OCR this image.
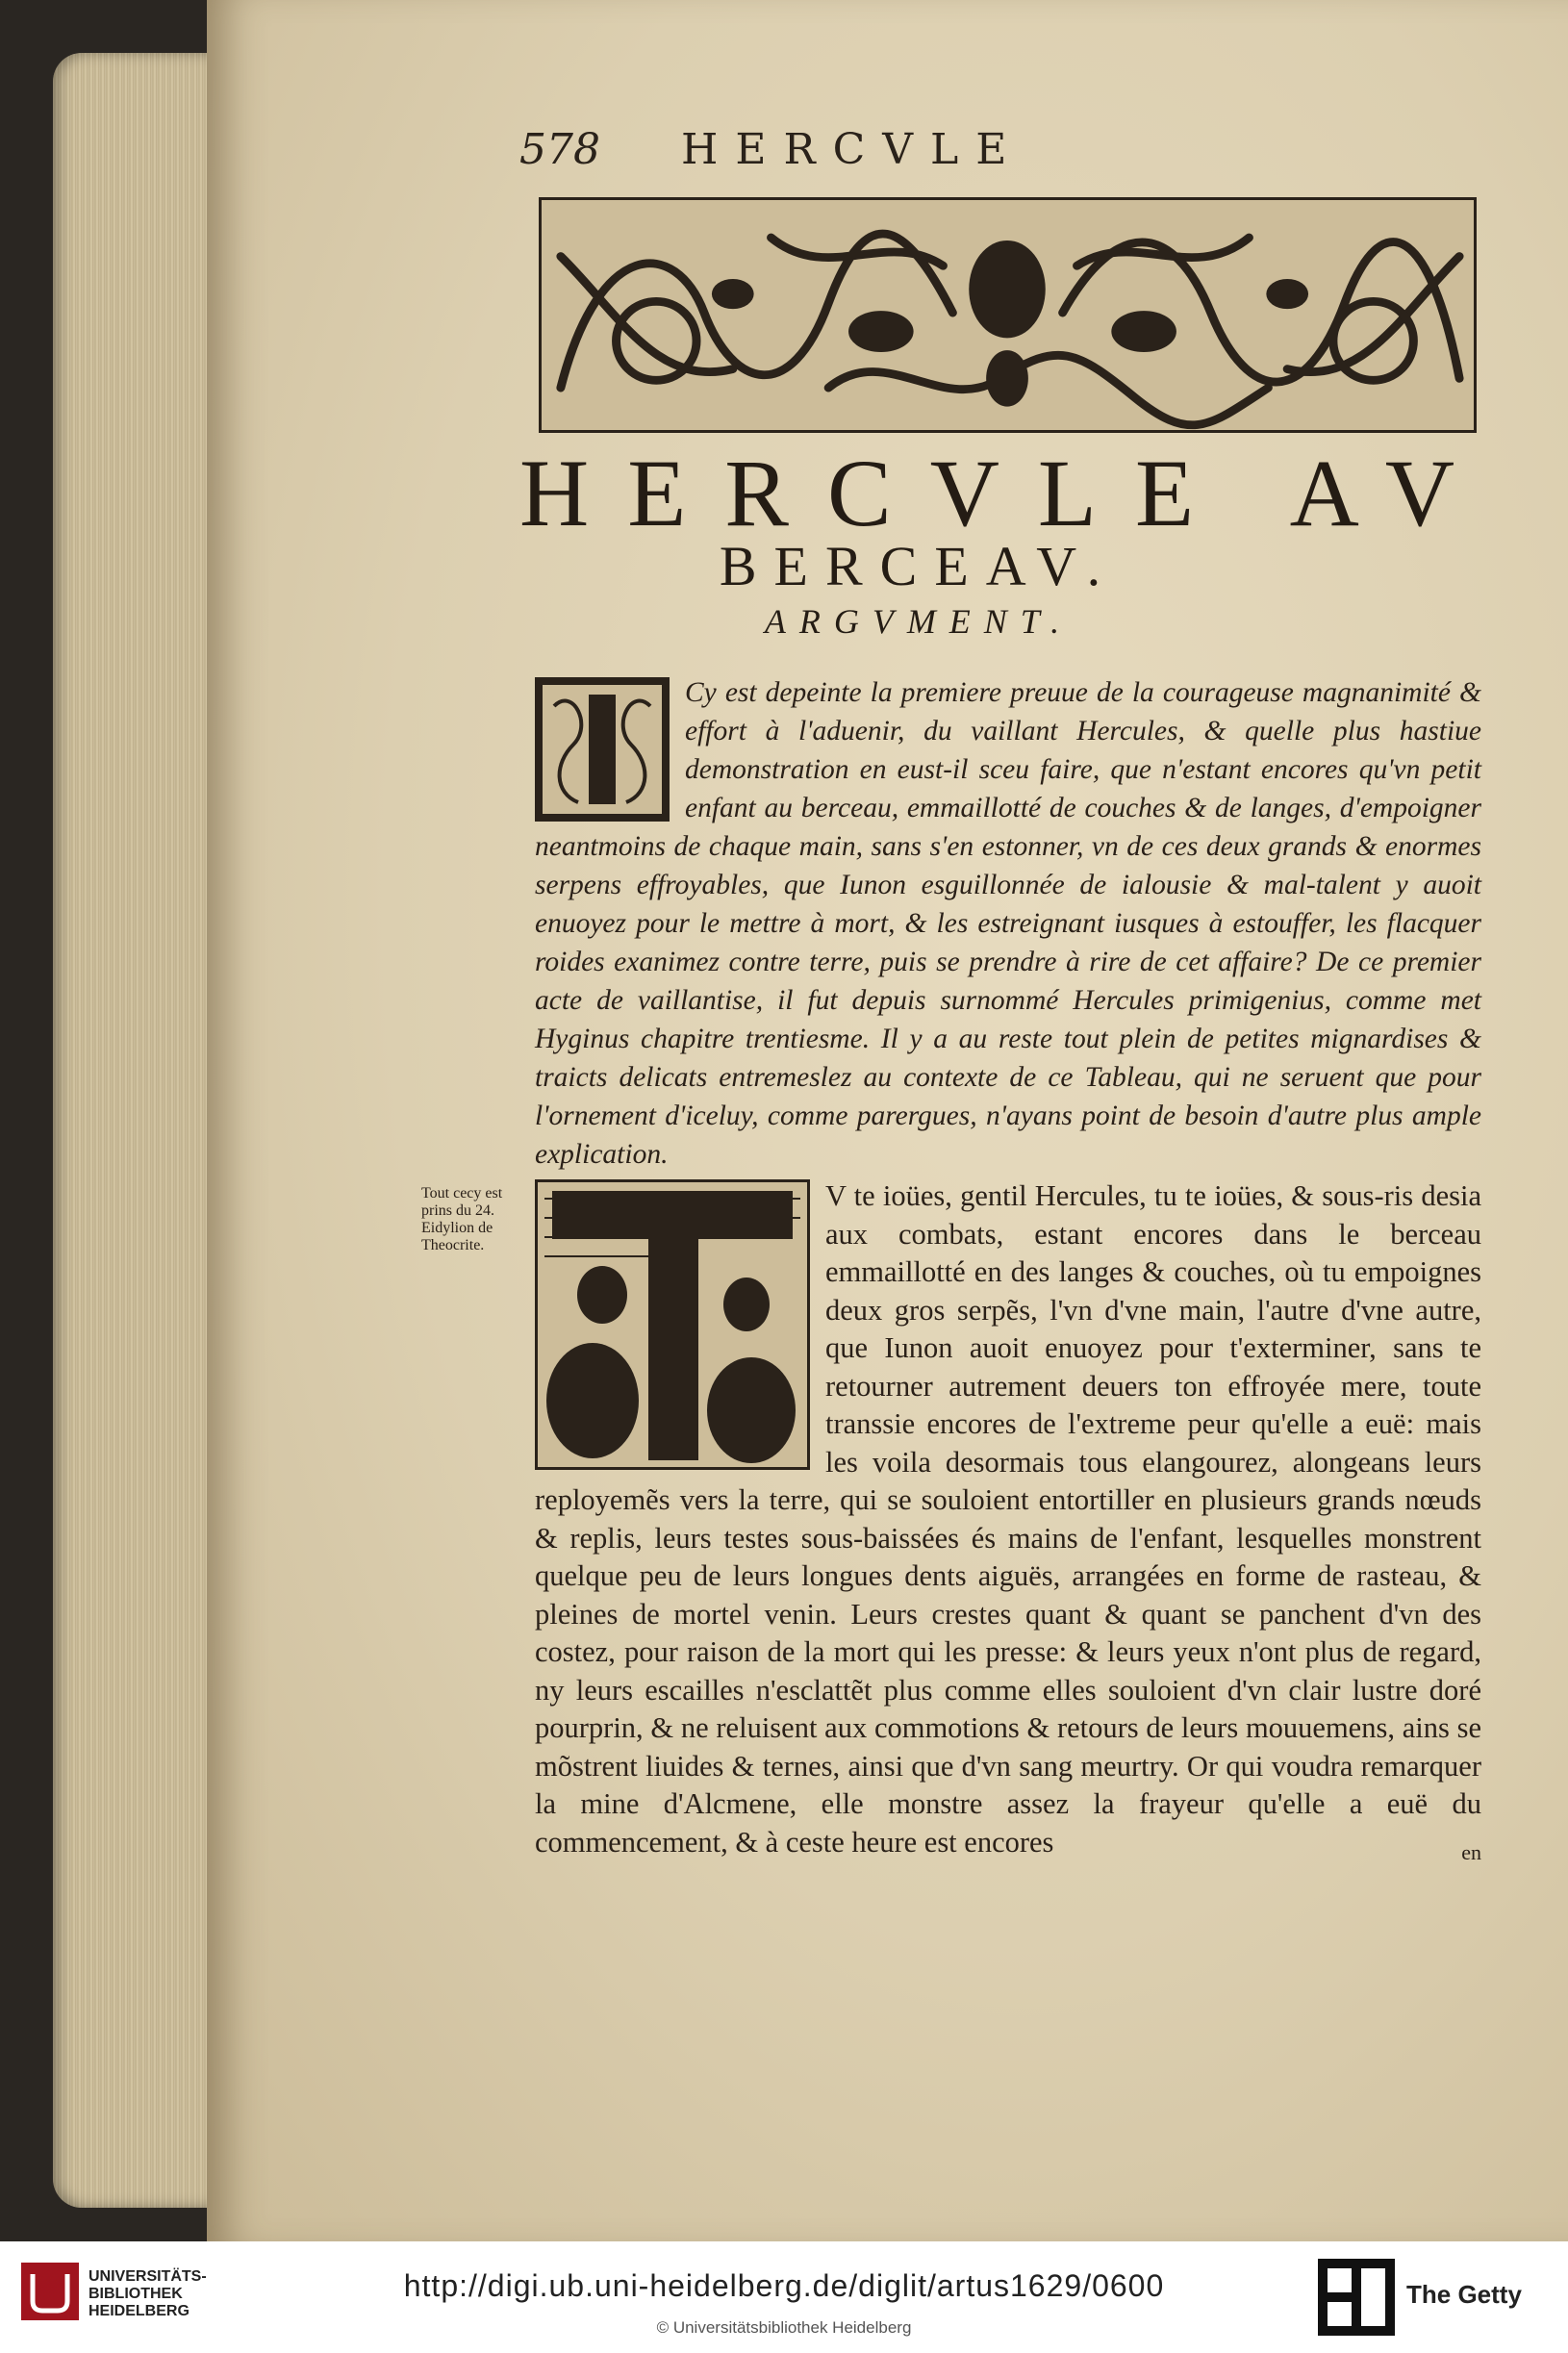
578 HERCVLE
HERCVLE AV
BERCEAV.
ARGVMENT.
Cy est depeinte la premiere preuue de la courageuse magnanimité & effort à l'aduenir, du vaillant Hercules, & quelle plus hastiue demonstration en eust-il sceu faire, que n'estant encores qu'vn petit enfant au berceau, emmaillotté de couches & de langes, d'empoigner neantmoins de chaque main, sans s'en estonner, vn de ces deux grands & enormes serpens effroyables, que Iunon esguillonnée de ialousie & mal-talent y auoit enuoyez pour le mettre à mort, & les estreignant iusques à estouffer, les flacquer roides exanimez contre terre, puis se prendre à rire de cet affaire? De ce premier acte de vaillantise, il fut depuis surnommé Hercules primigenius, comme met Hyginus chapitre trentiesme. Il y a au reste tout plein de petites mignardises & traicts delicats entremeslez au contexte de ce Tableau, qui ne seruent que pour l'ornement d'iceluy, comme parergues, n'ayans point de besoin d'autre plus ample explication.
Tout cecy est prins du 24. Eidylion de Theocrite.
V te ioües, gentil Hercules, tu te ioües, & sous-ris desia aux combats, estant encores dans le berceau emmaillotté en des langes & couches, où tu empoignes deux gros serpẽs, l'vn d'vne main, l'autre d'vne autre, que Iunon auoit enuoyez pour t'exterminer, sans te retourner autrement deuers ton effroyée mere, toute transsie encores de l'extreme peur qu'elle a euë: mais les voila desormais tous elangourez, alongeans leurs reployemẽs vers la terre, qui se souloient entortiller en plusieurs grands nœuds & replis, leurs testes sous-baissées és mains de l'enfant, lesquelles monstrent quelque peu de leurs longues dents aiguës, arrangées en forme de rasteau, & pleines de mortel venin. Leurs crestes quant & quant se panchent d'vn des costez, pour raison de la mort qui les presse: & leurs yeux n'ont plus de regard, ny leurs escailles n'esclattẽt plus comme elles souloient d'vn clair lustre doré pourprin, & ne reluisent aux commotions & retours de leurs mouuemens, ains se mõstrent liuides & ternes, ainsi que d'vn sang meurtry. Or qui voudra remarquer la mine d'Alcmene, elle monstre assez la frayeur qu'elle a euë du commencement, & à ceste heure est encores	en
UNIVERSITÄTS-
BIBLIOTHEK
HEIDELBERG
http://digi.ub.uni-heidelberg.de/diglit/artus1629/0600
© Universitätsbibliothek Heidelberg
The Getty
